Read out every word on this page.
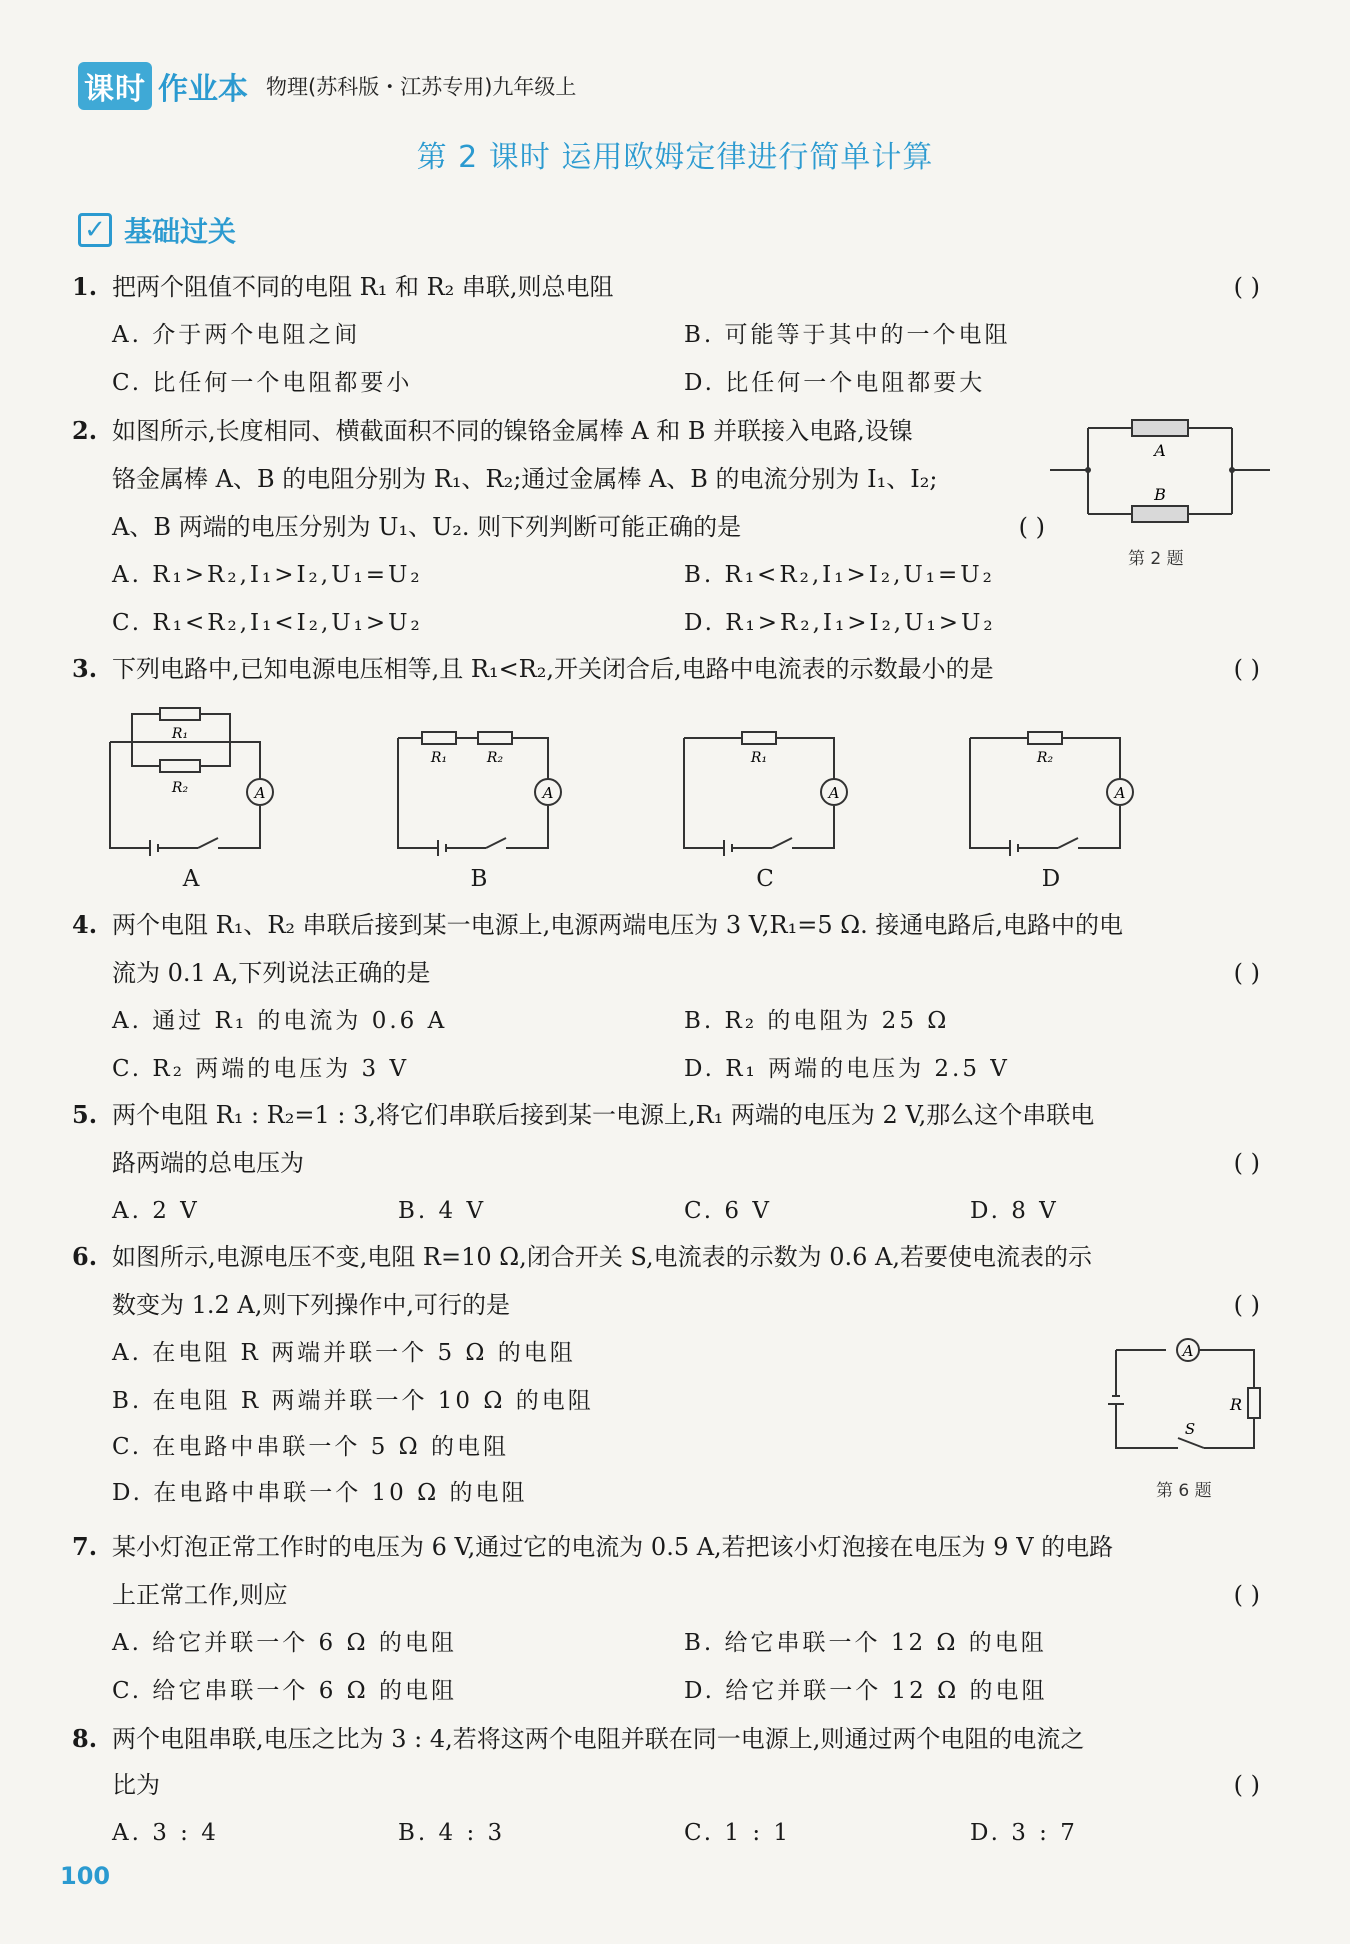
课时 作业本 物理(苏科版・江苏专用)九年级上
第 2 课时 运用欧姆定律进行简单计算
✓ 基础过关
1. 把两个阻值不同的电阻 R₁ 和 R₂ 串联,则总电阻	( )
A. 介于两个电阻之间	B. 可能等于其中的一个电阻
C. 比任何一个电阻都要小	D. 比任何一个电阻都要大
2. 如图所示,长度相同、横截面积不同的镍铬金属棒 A 和 B 并联接入电路,设镍
铬金属棒 A、B 的电阻分别为 R₁、R₂;通过金属棒 A、B 的电流分别为 I₁、I₂;
A、B 两端的电压分别为 U₁、U₂. 则下列判断可能正确的是	( )
A. R₁>R₂,I₁>I₂,U₁=U₂	B. R₁<R₂,I₁>I₂,U₁=U₂
C. R₁<R₂,I₁<I₂,U₁>U₂	D. R₁>R₂,I₁>I₂,U₁>U₂
A
B
第 2 题
3. 下列电路中,已知电源电压相等,且 R₁<R₂,开关闭合后,电路中电流表的示数最小的是	( )
R₁
R₂	A
A
R₁	R₂
A
B
R₁
A
C
R₂
A
D
4. 两个电阻 R₁、R₂ 串联后接到某一电源上,电源两端电压为 3 V,R₁=5 Ω. 接通电路后,电路中的电
流为 0.1 A,下列说法正确的是	( )
A. 通过 R₁ 的电流为 0.6 A	B. R₂ 的电阻为 25 Ω
C. R₂ 两端的电压为 3 V	D. R₁ 两端的电压为 2.5 V
5. 两个电阻 R₁ : R₂=1 : 3,将它们串联后接到某一电源上,R₁ 两端的电压为 2 V,那么这个串联电
路两端的总电压为	( )
A. 2 V	B. 4 V	C. 6 V	D. 8 V
6. 如图所示,电源电压不变,电阻 R=10 Ω,闭合开关 S,电流表的示数为 0.6 A,若要使电流表的示
数变为 1.2 A,则下列操作中,可行的是	( )
A. 在电阻 R 两端并联一个 5 Ω 的电阻
B. 在电阻 R 两端并联一个 10 Ω 的电阻
C. 在电路中串联一个 5 Ω 的电阻
D. 在电路中串联一个 10 Ω 的电阻
A
R
S
第 6 题
7. 某小灯泡正常工作时的电压为 6 V,通过它的电流为 0.5 A,若把该小灯泡接在电压为 9 V 的电路
上正常工作,则应	( )
A. 给它并联一个 6 Ω 的电阻	B. 给它串联一个 12 Ω 的电阻
C. 给它串联一个 6 Ω 的电阻	D. 给它并联一个 12 Ω 的电阻
8. 两个电阻串联,电压之比为 3 : 4,若将这两个电阻并联在同一电源上,则通过两个电阻的电流之
比为	( )
A. 3 : 4	B. 4 : 3	C. 1 : 1	D. 3 : 7
100
